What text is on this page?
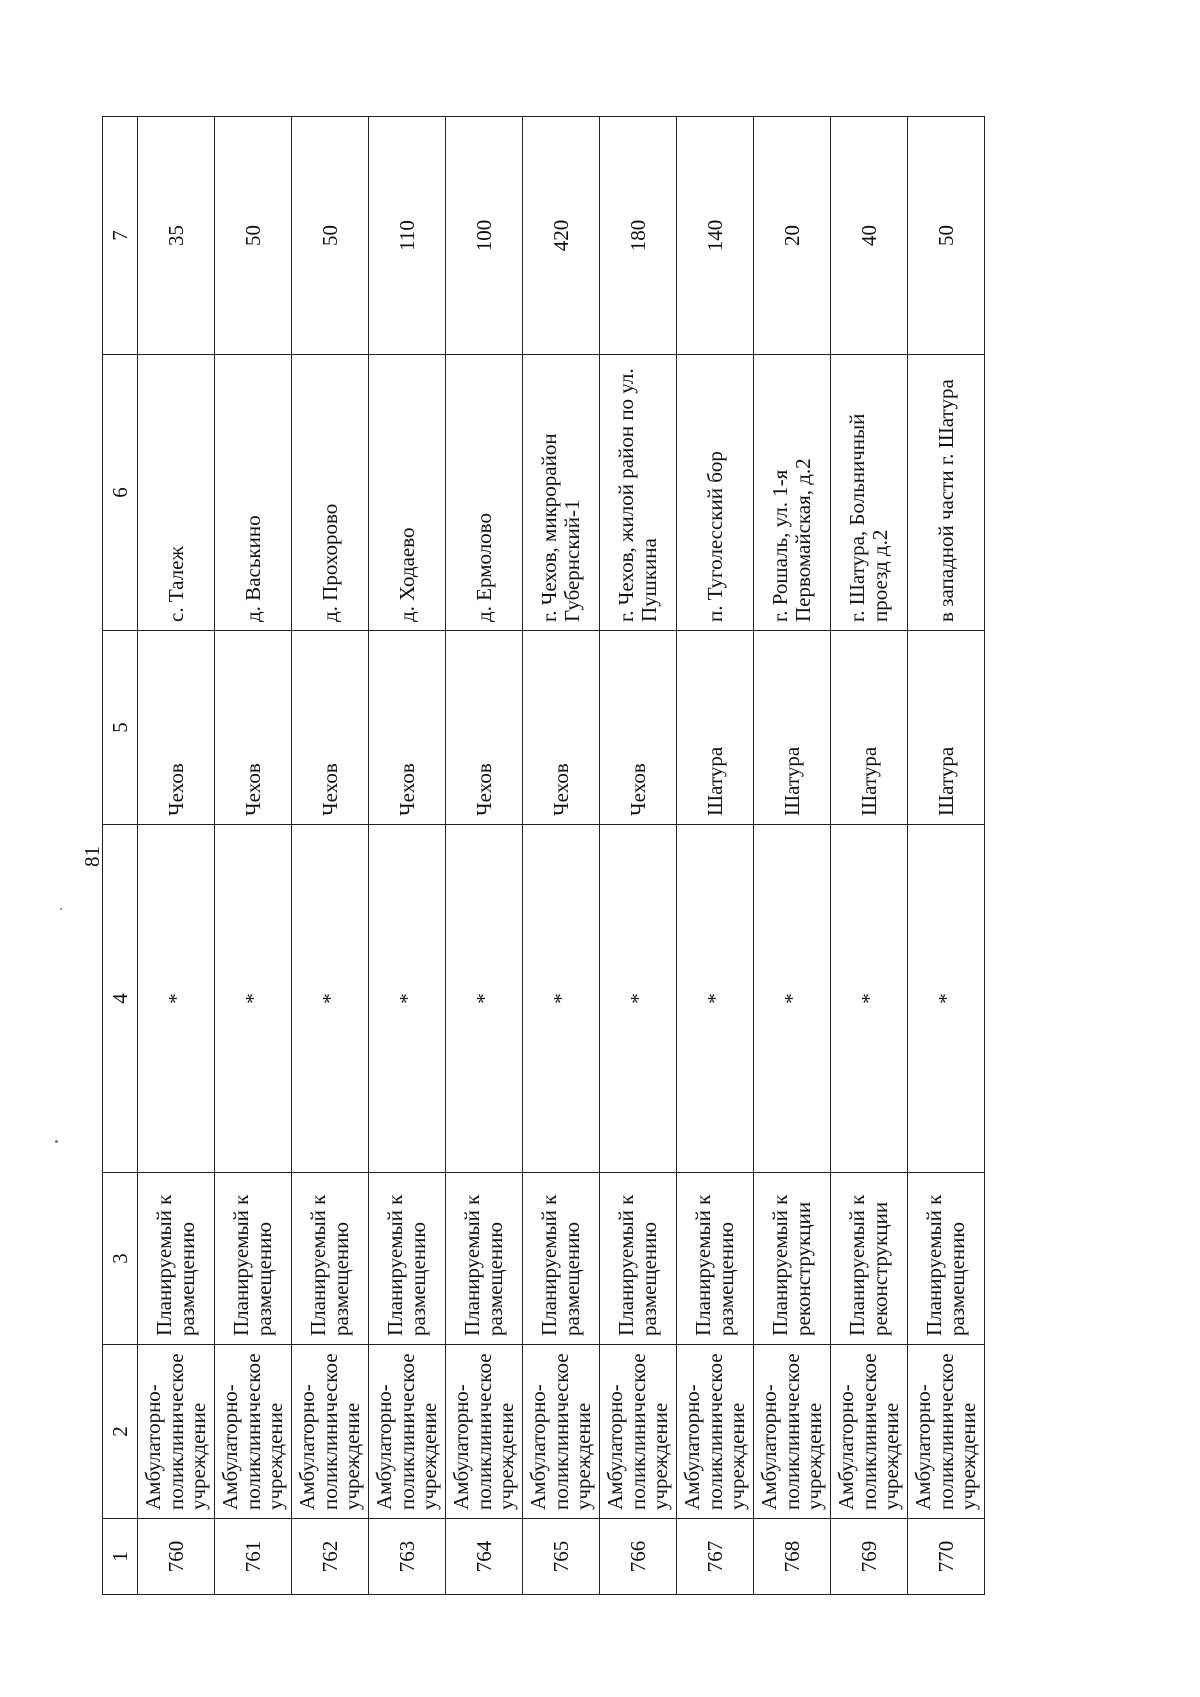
81
1	2	3	4	5	6	7
760	Амбулаторно-поликлиническое учреждение	Планируемый к размещению	*	Чехов	с. Талеж	35
761	Амбулаторно-поликлиническое учреждение	Планируемый к размещению	*	Чехов	д. Васькино	50
762	Амбулаторно-поликлиническое учреждение	Планируемый к размещению	*	Чехов	д. Прохорово	50
763	Амбулаторно-поликлиническое учреждение	Планируемый к размещению	*	Чехов	д. Ходаево	110
764	Амбулаторно-поликлиническое учреждение	Планируемый к размещению	*	Чехов	д. Ермолово	100
765	Амбулаторно-поликлиническое учреждение	Планируемый к размещению	*	Чехов	г. Чехов, микрорайон Губернский-1	420
766	Амбулаторно-поликлиническое учреждение	Планируемый к размещению	*	Чехов	г. Чехов, жилой район по ул. Пушкина	180
767	Амбулаторно-поликлиническое учреждение	Планируемый к размещению	*	Шатура	п. Туголесский бор	140
768	Амбулаторно-поликлиническое учреждение	Планируемый к реконструкции	*	Шатура	г. Рошаль, ул. 1-я Первомайская, д.2	20
769	Амбулаторно-поликлиническое учреждение	Планируемый к реконструкции	*	Шатура	г. Шатура, Больничный проезд д.2	40
770	Амбулаторно-поликлиническое учреждение	Планируемый к размещению	*	Шатура	в западной части г. Шатура	50
